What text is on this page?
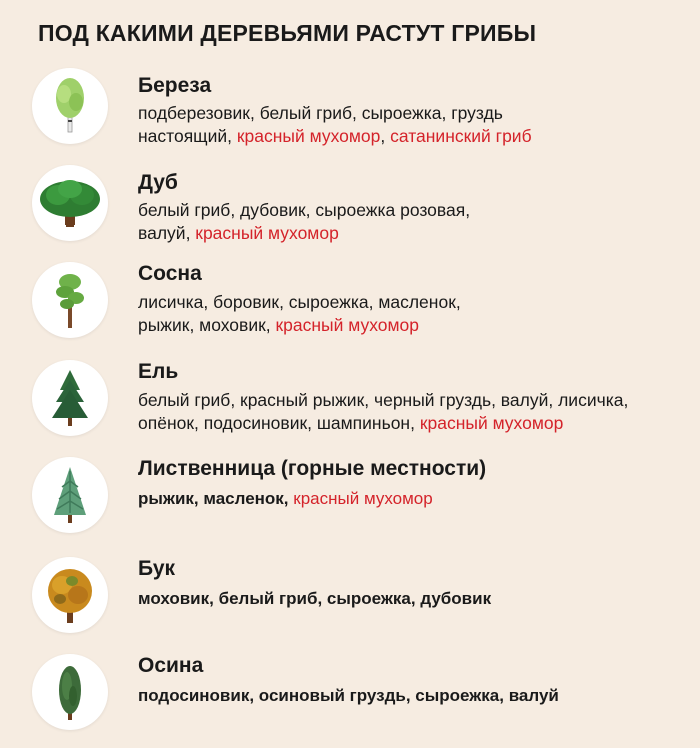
ПОД КАКИМИ ДЕРЕВЬЯМИ РАСТУТ ГРИБЫ
Береза
подберезовик, белый гриб, сыроежка, груздь
настоящий, красный мухомор, сатанинский гриб
Дуб
белый гриб, дубовик, сыроежка розовая,
валуй, красный мухомор
Сосна
лисичка, боровик, сыроежка, масленок,
рыжик, моховик, красный мухомор
Ель
белый гриб, красный рыжик, черный груздь, валуй, лисичка,
опёнок, подосиновик, шампиньон, красный мухомор
Лиственница (горные местности)
рыжик, масленок, красный мухомор
Бук
моховик, белый гриб, сыроежка, дубовик
Осина
подосиновик, осиновый груздь, сыроежка, валуй
